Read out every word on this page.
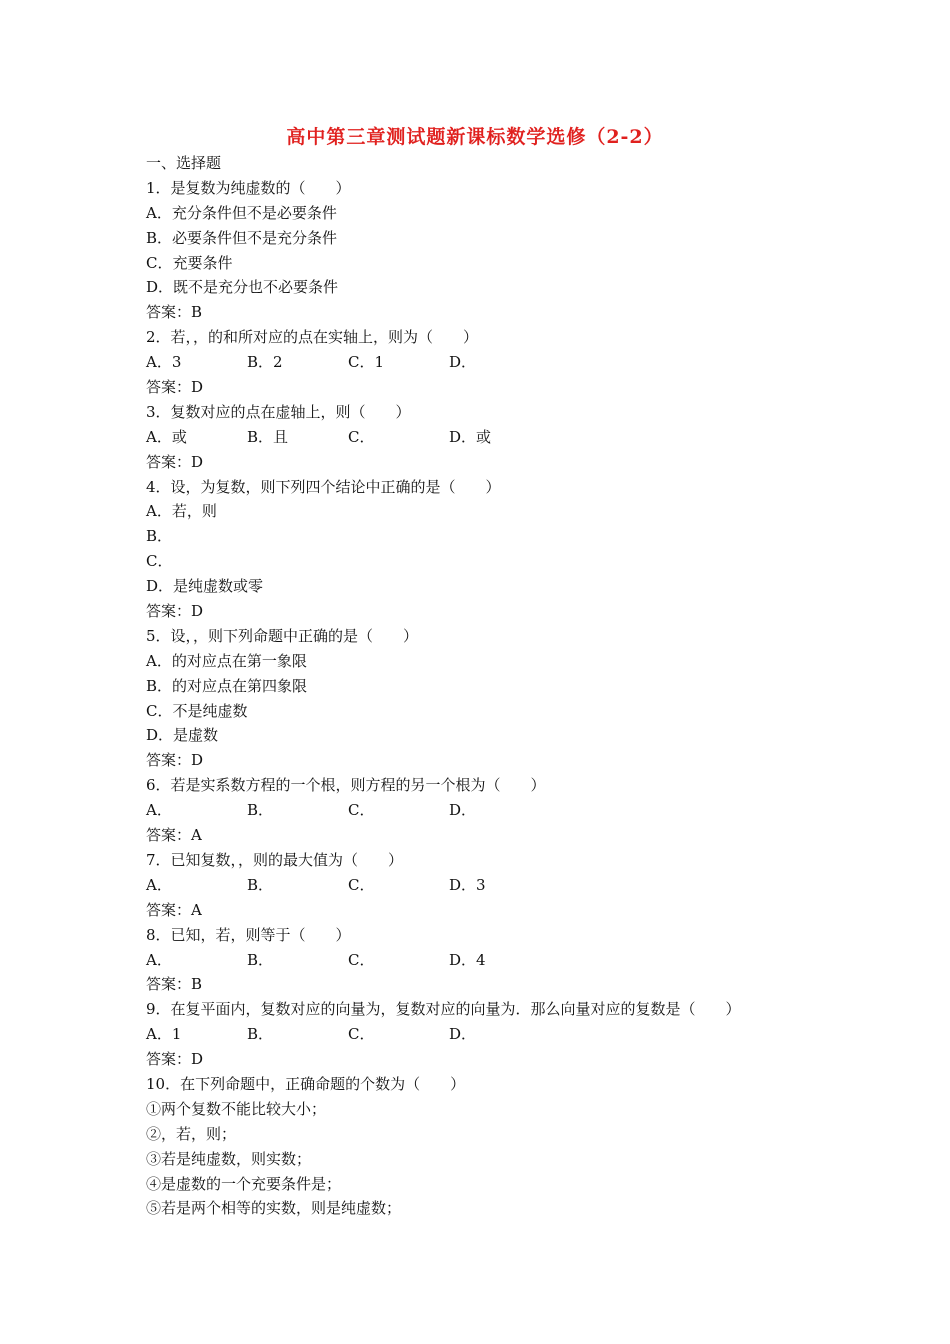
高中第三章测试题新课标数学选修（2-2）
一、选择题
1．是复数为纯虚数的（　　）
A．充分条件但不是必要条件
B．必要条件但不是充分条件
C．充要条件
D．既不是充分也不必要条件
答案：B
2．若，，的和所对应的点在实轴上，则为（　　）
A．3	B．2	C．1	D．
答案：D
3．复数对应的点在虚轴上，则（　　）
A．或	B．且	C．	D．或
答案：D
4．设，为复数，则下列四个结论中正确的是（　　）
A．若，则
B．
C．
D．是纯虚数或零
答案：D
5．设，，则下列命题中正确的是（　　）
A．的对应点在第一象限
B．的对应点在第四象限
C．不是纯虚数
D．是虚数
答案：D
6．若是实系数方程的一个根，则方程的另一个根为（　　）
A．	B．	C．	D．
答案：A
7．已知复数，，则的最大值为（　　）
A．	B．	C．	D．3
答案：A
8．已知，若，则等于（　　）
A．	B．	C．	D．4
答案：B
9．在复平面内，复数对应的向量为，复数对应的向量为．那么向量对应的复数是（　　）
A．1	B．	C．	D．
答案：D
10．在下列命题中，正确命题的个数为（　　）
①两个复数不能比较大小；
②，若，则；
③若是纯虚数，则实数；
④是虚数的一个充要条件是；
⑤若是两个相等的实数，则是纯虚数；
